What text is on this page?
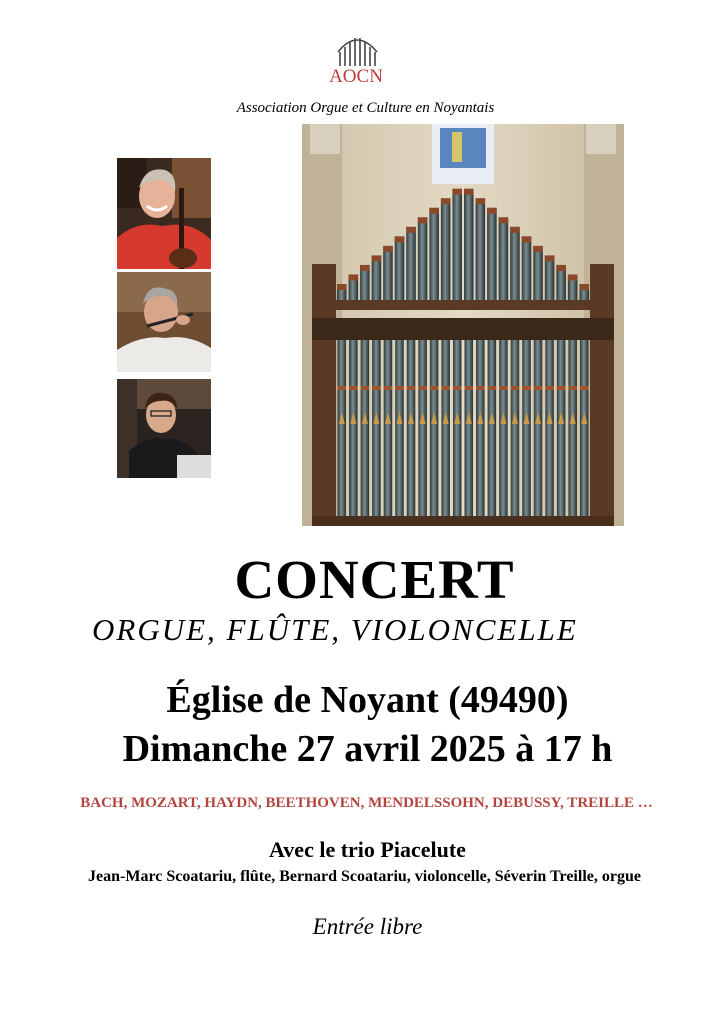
AOCN
Association Orgue et Culture en Noyantais
CONCERT
ORGUE, FLÛTE, VIOLONCELLE
Église de Noyant (49490)
Dimanche 27 avril 2025 à 17 h
BACH, MOZART, HAYDN, BEETHOVEN, MENDELSSOHN, DEBUSSY, TREILLE …
Avec le trio Piacelute
Jean-Marc Scoatariu, flûte, Bernard Scoatariu, violoncelle, Séverin Treille, orgue
Entrée libre
